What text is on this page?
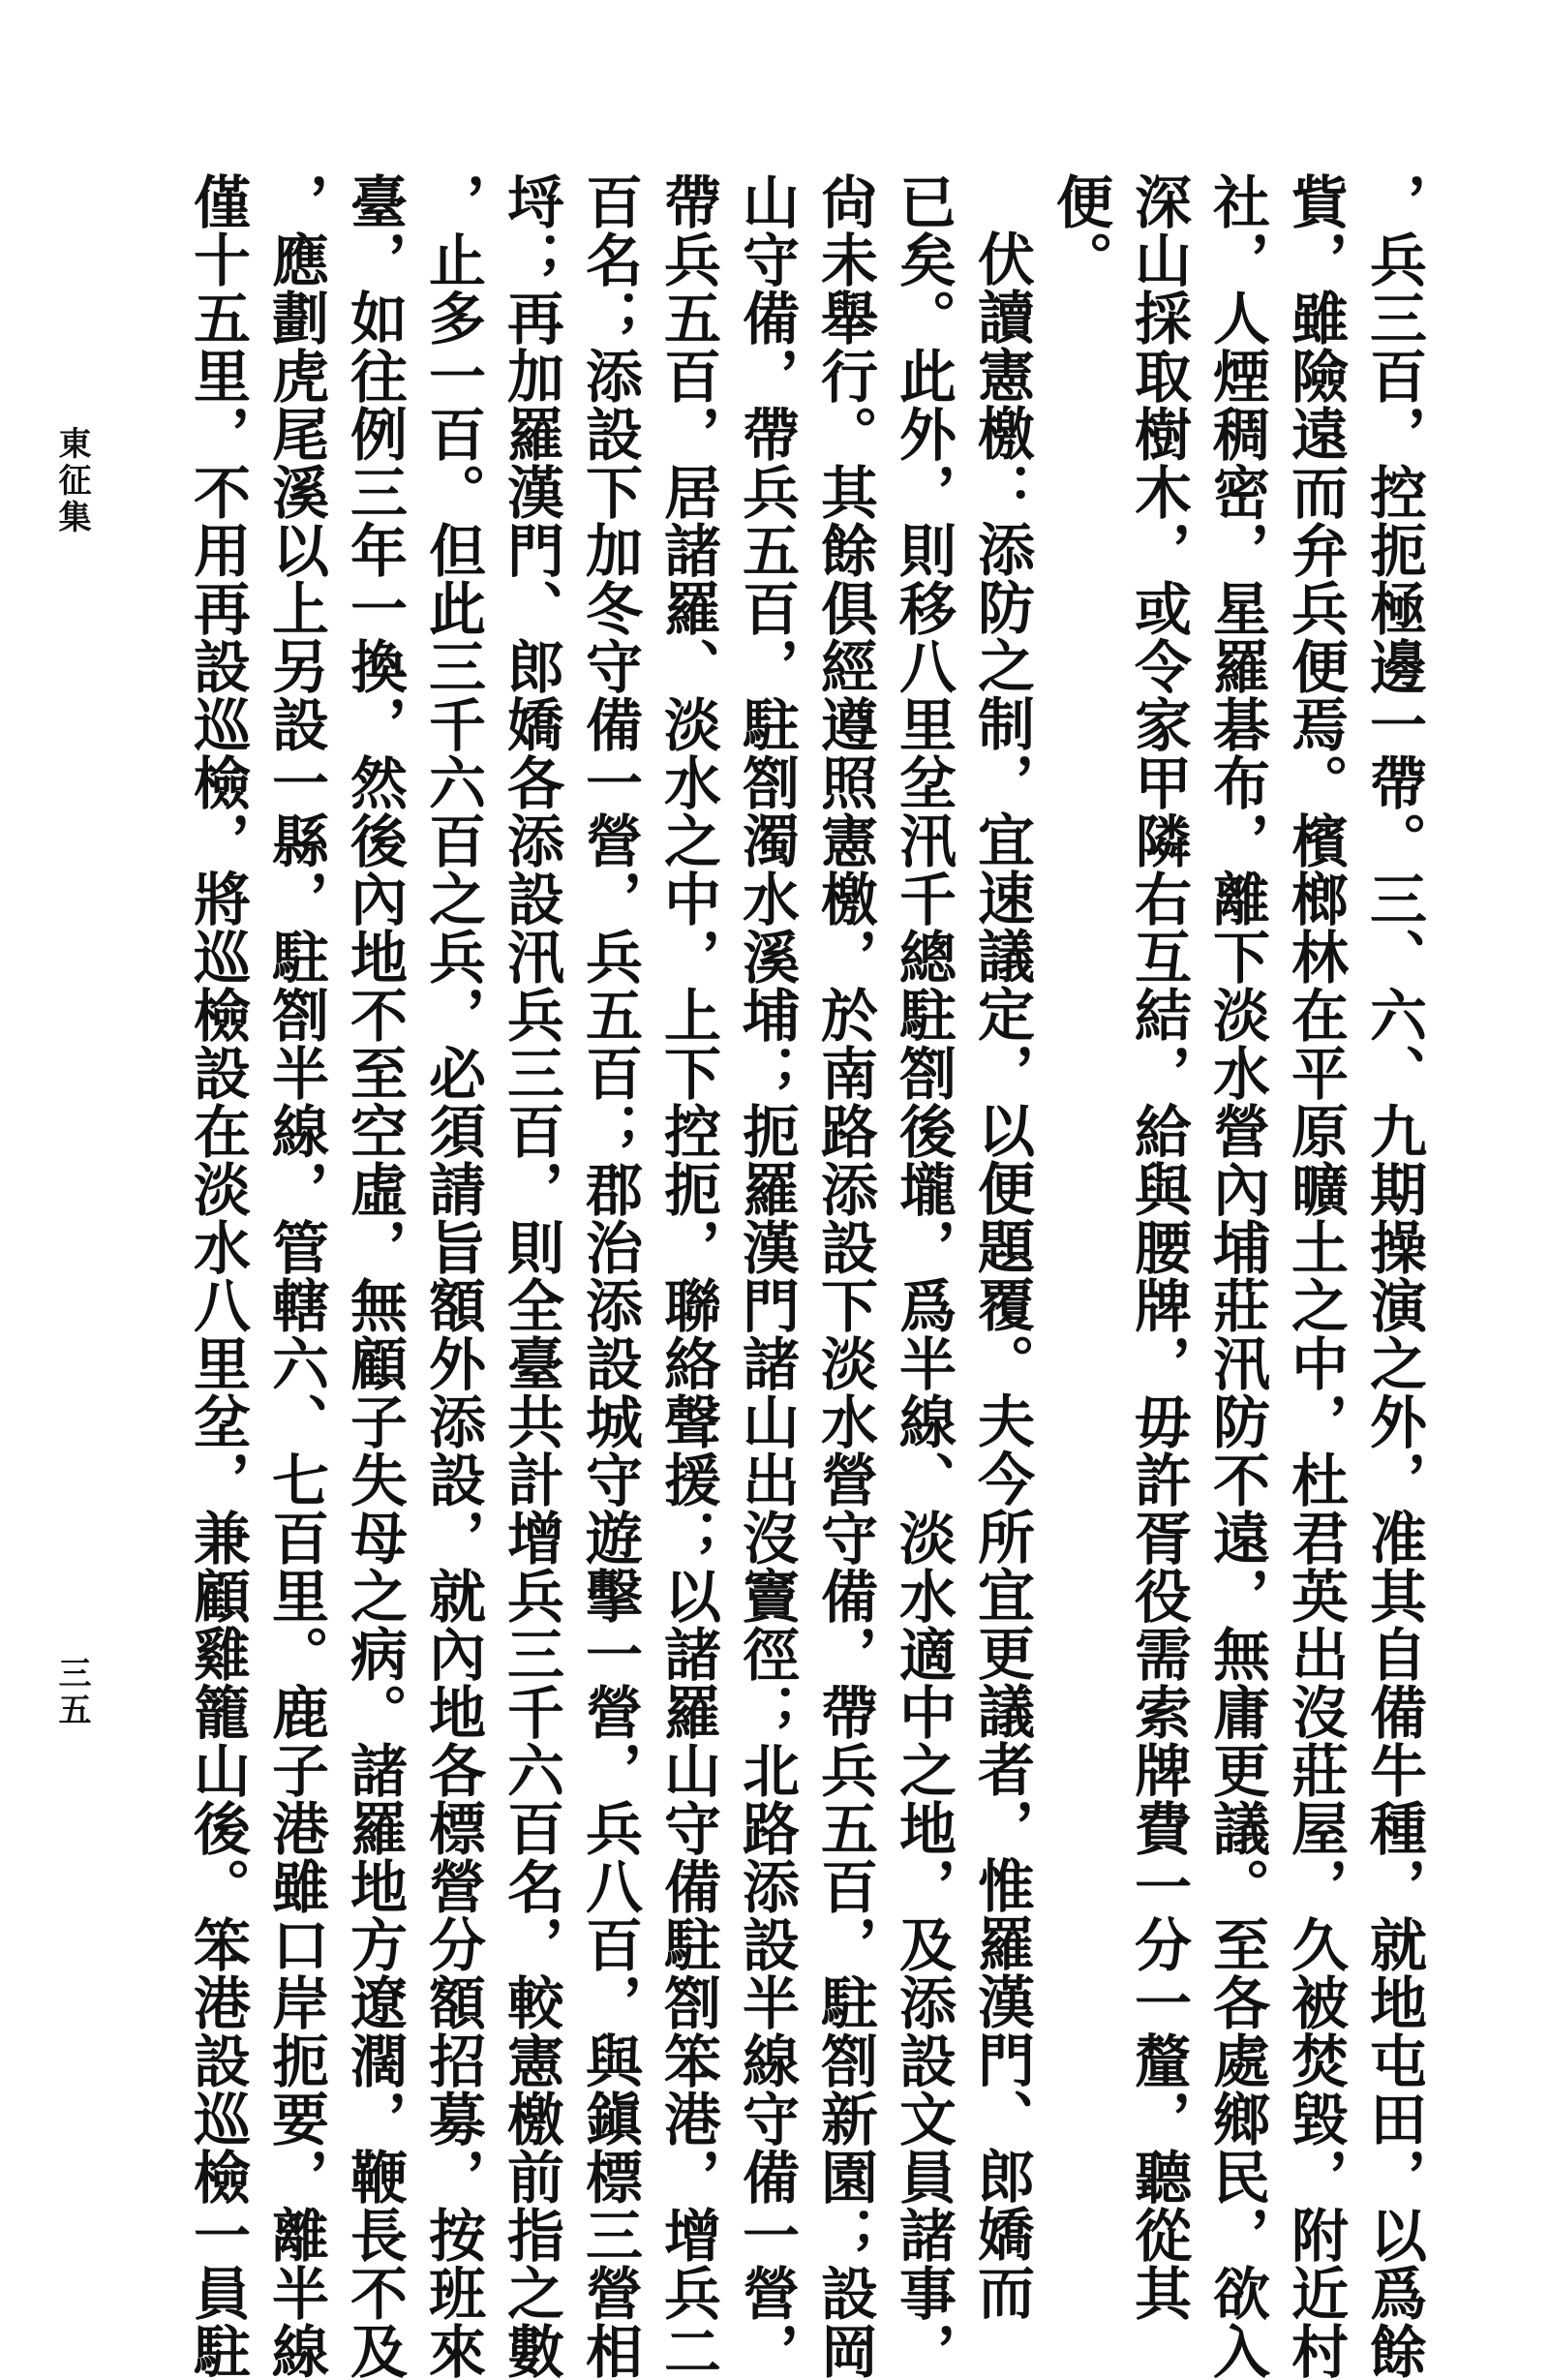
，兵三百，控扼極邊一帶。三、六、九期操演之外，准其自備牛種，就地屯田，以爲餘
貲，雖險遠而弁兵便焉。檳榔林在平原曠土之中，杜君英出沒莊屋，久被焚毀，附近村
社，人煙稠密，星羅碁布，離下淡水營內埔莊汛防不遠，無庸更議。至各處鄉民，欲入
深山採取樹木，或令家甲隣右互結，給與腰牌，毋許胥役需索牌費一分一釐，聽從其
便。
伏讀憲檄：添防之制，宜速議定，以便題覆。夫今所宜更議者，惟羅漢門、郎嬌而
已矣。此外，則移八里坌汛千總駐劄後壠，爲半線、淡水適中之地，及添設文員諸事，
尙未舉行。其餘俱經遵照憲檄，於南路添設下淡水營守備，帶兵五百，駐劄新園；設岡
山守備，帶兵五百，駐劄濁水溪埔；扼羅漢門諸山出沒竇徑；北路添設半線守備一營，
帶兵五百，居諸羅、淡水之中，上下控扼，聯絡聲援；以諸羅山守備駐劄笨港，增兵二
百名；添設下加冬守備一營，兵五百；郡治添設城守遊擊一營，兵八百，與鎭標三營相
埒；再加羅漢門、郎嬌各添設汛兵三百，則全臺共計增兵三千六百名，較憲檄前指之數
，止多一百。但此三千六百之兵，必須請旨額外添設，就內地各標營分額招募，按班來
臺，如往例三年一換，然後內地不至空虛，無顧子失母之病。諸羅地方遼濶，鞭長不及
，應劃虎尾溪以上另設一縣，駐劄半線，管轄六、七百里。鹿子港雖口岸扼要，離半線
僅十五里，不用再設巡檢，將巡檢設在淡水八里坌，兼顧雞籠山後。笨港設巡檢一員駐
東征集
三五
